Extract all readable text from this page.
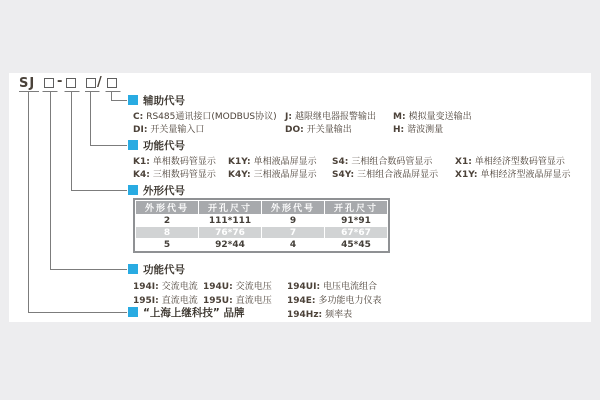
SJ -	/
辅助代号
C: RS485通讯接口(MODBUS协议) J: 越限继电器报警输出 M: 模拟量变送输出
DI: 开关量输入口	DO: 开关量输出	H: 谐波测量
功能代号
K1: 单相数码管显示 K1Y: 单相液晶屏显示 S4: 三相组合数码管显示	X1: 单相经济型数码管显示
K4: 三相数码管显示 K4Y: 三相液晶屏显示 S4Y: 三相组合液晶屏显示 X1Y: 单相经济型液晶屏显示
外形代号
外形代号	开孔尺寸	外形代号	开孔尺寸
2	111*111	9	91*91
8	76*76	7	67*67
5	92*44	4	45*45
功能代号
194I: 交流电流 194U: 交流电压 194UI: 电压电流组合
195I: 直流电流 195U: 直流电压 194E: 多功能电力仪表
194Hz: 频率表
“上海上继科技” 品牌
